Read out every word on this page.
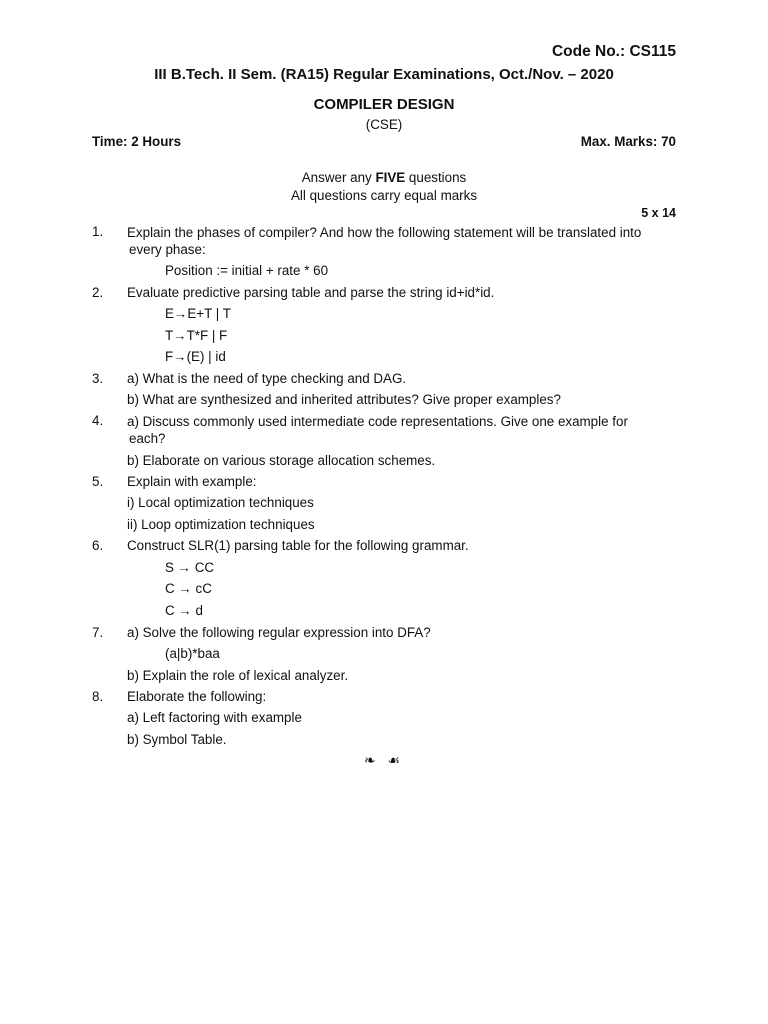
Code No.: CS115
III B.Tech. II Sem. (RA15) Regular Examinations, Oct./Nov. – 2020
COMPILER DESIGN
(CSE)
Time: 2 Hours	Max. Marks: 70
Answer any FIVE questions
All questions carry equal marks
5 x 14
1. Explain the phases of compiler? And how the following statement will be translated into
every phase:
Position := initial + rate * 60
2. Evaluate predictive parsing table and parse the string id+id*id.
E→E+T | T
T→T*F | F
F→(E) | id
3. a) What is the need of type checking and DAG.
b) What are synthesized and inherited attributes? Give proper examples?
4. a) Discuss commonly used intermediate code representations. Give one example for
each?
b) Elaborate on various storage allocation schemes.
5. Explain with example:
i) Local optimization techniques
ii) Loop optimization techniques
6. Construct SLR(1) parsing table for the following grammar.
S → CC
C → cC
C → d
7. a) Solve the following regular expression into DFA?
(a|b)*baa
b) Explain the role of lexical analyzer.
8. Elaborate the following:
a) Left factoring with example
b) Symbol Table.
❧ ☙
